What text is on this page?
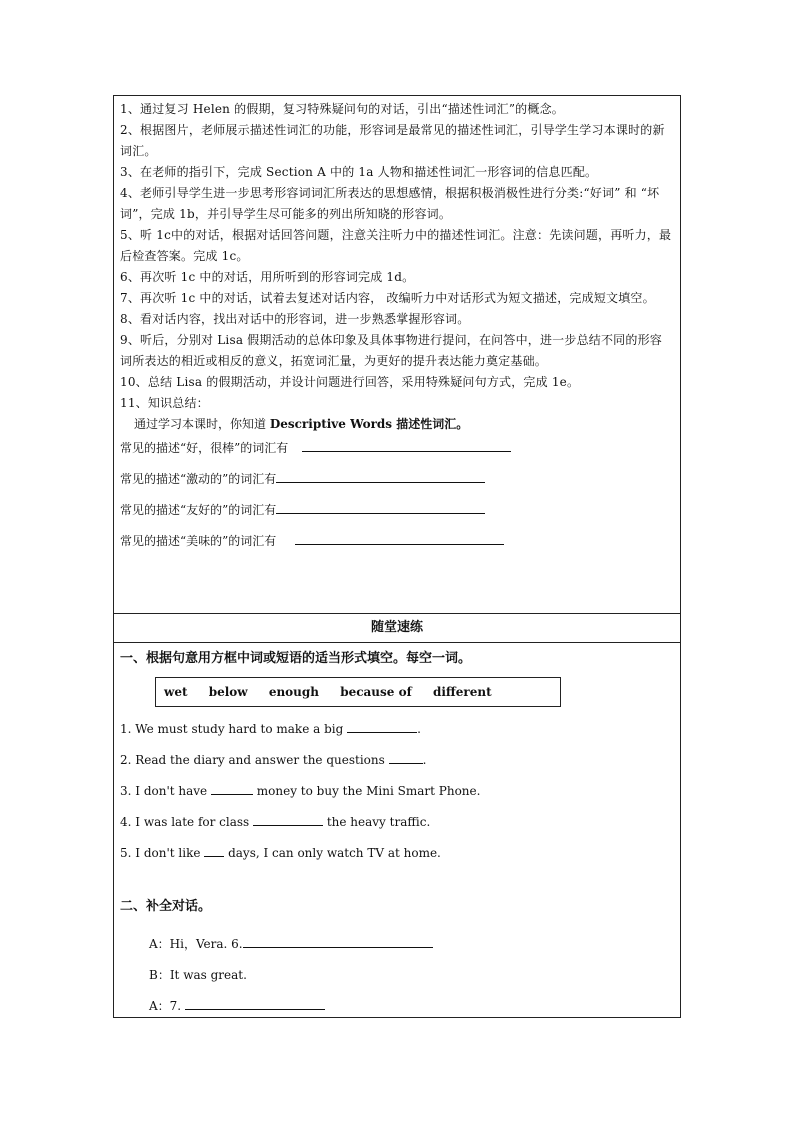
1、通过复习 Helen 的假期，复习特殊疑问句的对话，引出“描述性词汇”的概念。

2、根据图片，老师展示描述性词汇的功能，形容词是最常见的描述性词汇，引导学生学习本课时的新词汇。

3、在老师的指引下，完成 Section A 中的 1a 人物和描述性词汇一形容词的信息匹配。

4、老师引导学生进一步思考形容词词汇所表达的思想感情，根据积极消极性进行分类:“好词” 和 “坏词”，完成 1b，并引导学生尽可能多的列出所知晓的形容词。

5、听 1c中的对话，根据对话回答问题，注意关注听力中的描述性词汇。注意：先读问题，再听力，最后检查答案。完成 1c。

6、再次听 1c 中的对话，用所听到的形容词完成 1d。

7、再次听 1c 中的对话，试着去复述对话内容， 改编听力中对话形式为短文描述，完成短文填空。

8、看对话内容，找出对话中的形容词，进一步熟悉掌握形容词。

9、听后，分别对 Lisa 假期活动的总体印象及具体事物进行提问，在问答中，进一步总结不同的形容词所表达的相近或相反的意义，拓宽词汇量，为更好的提升表达能力奠定基础。

10、总结 Lisa 的假期活动，并设计问题进行回答，采用特殊疑问句方式，完成 1e。

11、知识总结：

通过学习本课时，你知道 Descriptive Words 描述性词汇。

常见的描述“好，很棒”的词汇有

常见的描述“激动的”的词汇有

常见的描述“友好的”的词汇有

常见的描述“美味的”的词汇有

随堂速练

一、根据句意用方框中词或短语的适当形式填空。每空一词。

wet below enough because of different

1. We must study hard to make a big	.

2. Read the diary and answer the questions	.

3. I don't have	money to buy the Mini Smart Phone.

4. I was late for class	the heavy traffic.

5. I don't like  days, I can only watch TV at home.

二、补全对话。

A：Hi，Vera. 6.

B：It was great.

A：7.
